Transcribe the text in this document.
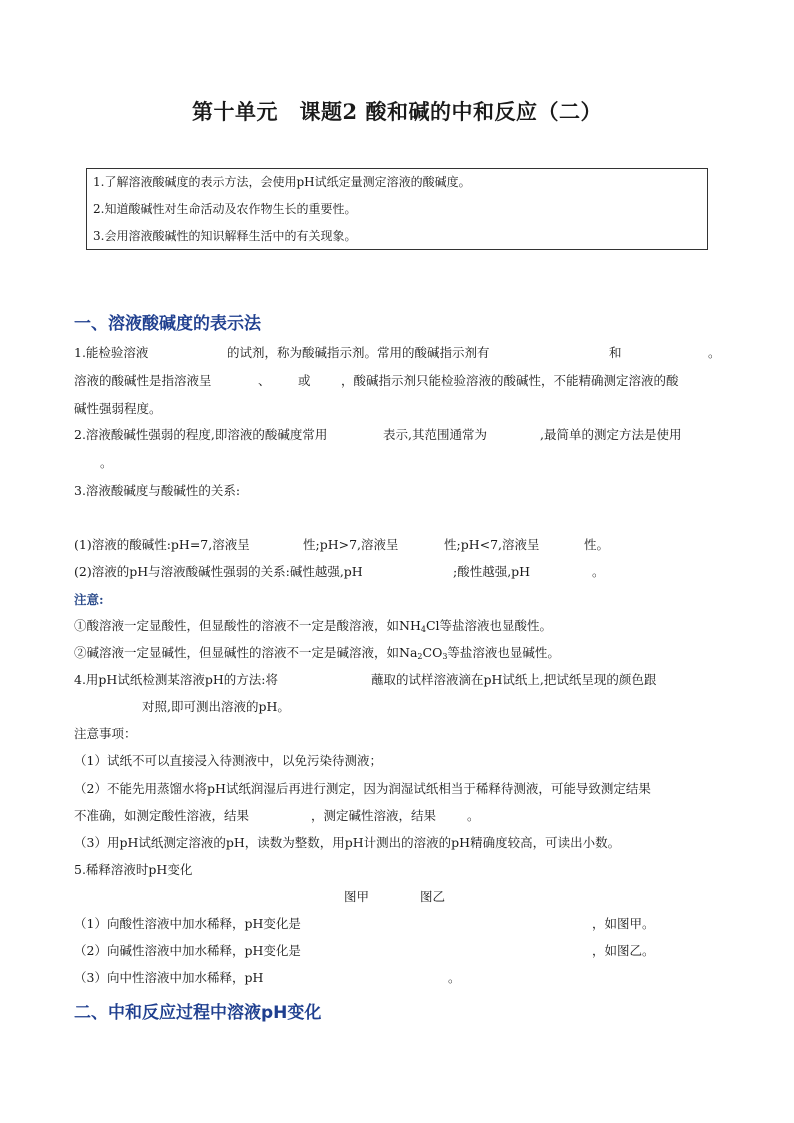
第十单元　课题2 酸和碱的中和反应（二）
1.了解溶液酸碱度的表示方法，会使用pH试纸定量测定溶液的酸碱度。
2.知道酸碱性对生命活动及农作物生长的重要性。
3.会用溶液酸碱性的知识解释生活中的有关现象。
一、溶液酸碱度的表示法
1.能检验溶液	的试剂，称为酸碱指示剂。常用的酸碱指示剂有	和	。
溶液的酸碱性是指溶液呈	、 或 ，酸碱指示剂只能检验溶液的酸碱性，不能精确测定溶液的酸
碱性强弱程度。
2.溶液酸碱性强弱的程度,即溶液的酸碱度常用	表示,其范围通常为	,最简单的测定方法是使用
。
3.溶液酸碱度与酸碱性的关系:
(1)溶液的酸碱性:pH=7,溶液呈	性;pH>7,溶液呈	性;pH<7,溶液呈	性。
(2)溶液的pH与溶液酸碱性强弱的关系:碱性越强,pH	;酸性越强,pH	。
注意:
①酸溶液一定显酸性，但显酸性的溶液不一定是酸溶液，如$NH_4Cl$等盐溶液也显酸性。
②碱溶液一定显碱性，但显碱性的溶液不一定是碱溶液，如$Na_2CO_3$等盐溶液也显碱性。
4.用pH试纸检测某溶液pH的方法:将	蘸取的试样溶液滴在pH试纸上,把试纸呈现的颜色跟
对照,即可测出溶液的pH。
注意事项：
（1）试纸不可以直接浸入待测液中，以免污染待测液；
（2）不能先用蒸馏水将pH试纸润湿后再进行测定，因为润湿试纸相当于稀释待测液，可能导致测定结果
不准确，如测定酸性溶液，结果	，测定碱性溶液，结果 。
（3）用pH试纸测定溶液的pH，读数为整数，用pH计测出的溶液的pH精确度较高，可读出小数。
5.稀释溶液时pH变化
图甲	图乙
（1）向酸性溶液中加水稀释，pH变化是	，如图甲。
（2）向碱性溶液中加水稀释，pH变化是	，如图乙。
（3）向中性溶液中加水稀释，pH	。
二、中和反应过程中溶液pH变化
